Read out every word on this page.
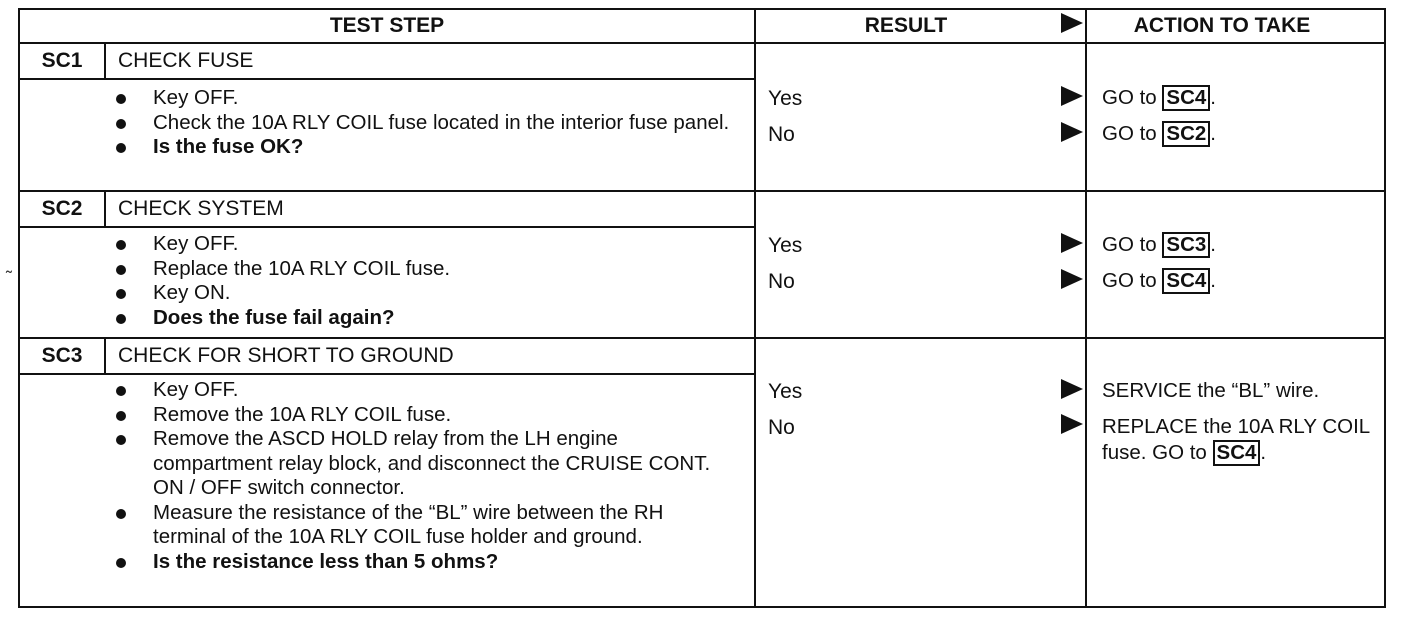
TEST STEP	RESULT	ACTION TO TAKE
˜
SC1	CHECK FUSE
Key OFF.
Check the 10A RLY COIL fuse located in the interior fuse panel.
Is the fuse OK?
Yes	GO to SC4 .
No	GO to SC2 .
SC2	CHECK SYSTEM
Key OFF.
Replace the 10A RLY COIL fuse.
Key ON.
Does the fuse fail again?
Yes	GO to SC3 .
No	GO to SC4 .
SC3	CHECK FOR SHORT TO GROUND
Key OFF.
Remove the 10A RLY COIL fuse.
Remove the ASCD HOLD relay from the LH engine compartment relay block, and disconnect the CRUISE CONT. ON / OFF switch connector.
Measure the resistance of the “BL” wire between the RH terminal of the 10A RLY COIL fuse holder and ground.
Is the resistance less than 5 ohms?
Yes	SERVICE the “BL” wire.
No	REPLACE the 10A RLY COIL fuse. GO to SC4 .
